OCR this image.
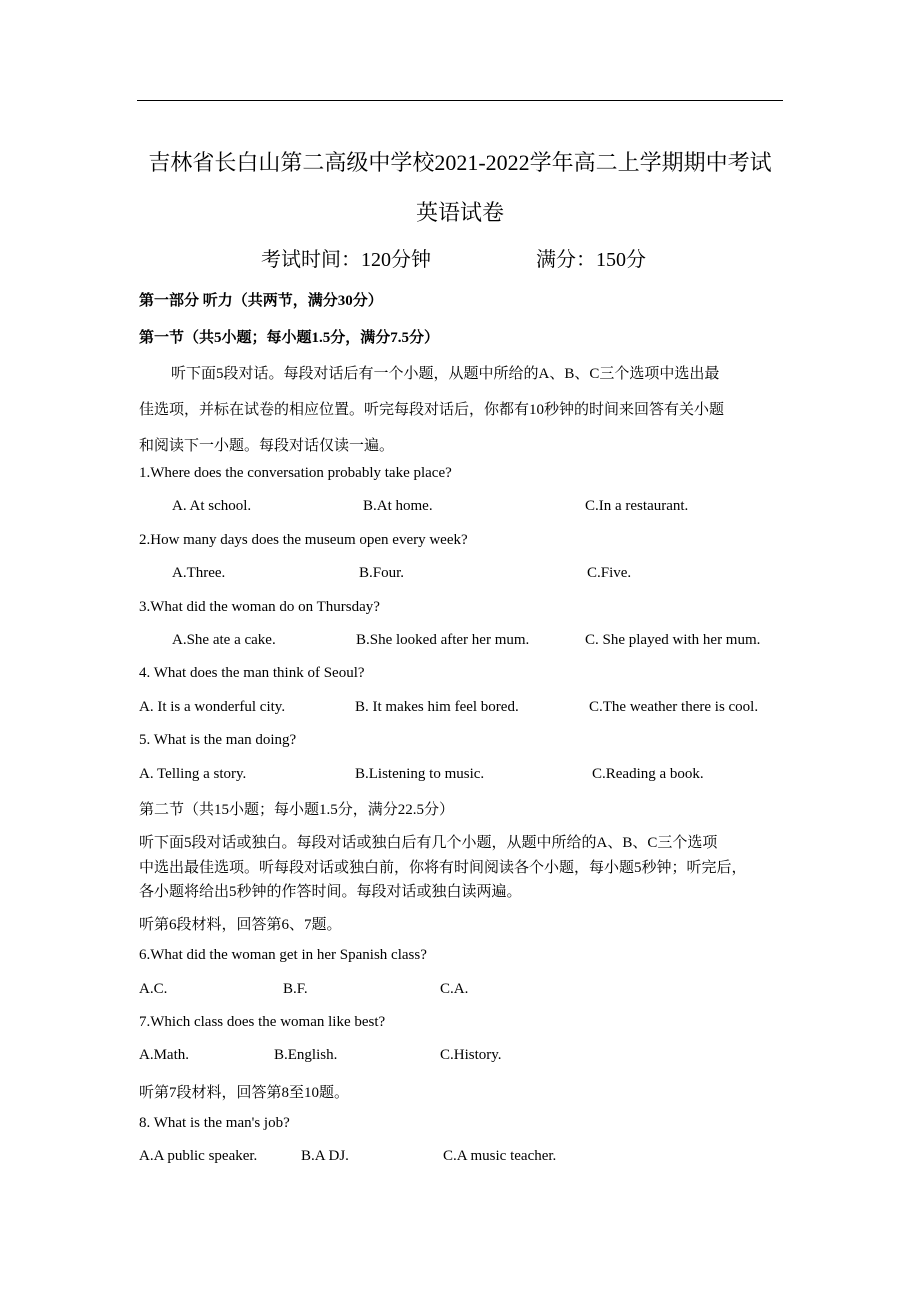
吉林省长白山第二高级中学校2021-2022学年高二上学期期中考试
英语试卷
考试时间：120分钟	满分：150分
第一部分 听力（共两节，满分30分）
第一节（共5小题；每小题1.5分，满分7.5分）
听下面5段对话。每段对话后有一个小题，从题中所给的A、B、C三个选项中选出最
佳选项，并标在试卷的相应位置。听完每段对话后，你都有10秒钟的时间来回答有关小题
和阅读下一小题。每段对话仅读一遍。
1.Where does the conversation probably take place?
A. At school.	B.At home.	C.In a restaurant.
2.How many days does the museum open every week?
A.Three.	B.Four.	C.Five.
3.What did the woman do on Thursday?
A.She ate a cake.	B.She looked after her mum.	C. She played with her mum.
4. What does the man think of Seoul?
A. It is a wonderful city.	B. It makes him feel bored.	C.The weather there is cool.
5. What is the man doing?
A. Telling a story.	B.Listening to music.	C.Reading a book.
第二节（共15小题；每小题1.5分，满分22.5分）
听下面5段对话或独白。每段对话或独白后有几个小题，从题中所给的A、B、C三个选项
中选出最佳选项。听每段对话或独白前，你将有时间阅读各个小题，每小题5秒钟；听完后，
各小题将给出5秒钟的作答时间。每段对话或独白读两遍。
听第6段材料，回答第6、7题。
6.What did the woman get in her Spanish class?
A.C.	B.F.	C.A.
7.Which class does the woman like best?
A.Math.	B.English.	C.History.
听第7段材料，回答第8至10题。
8. What is the man's job?
A.A public speaker.	B.A DJ.	C.A music teacher.
